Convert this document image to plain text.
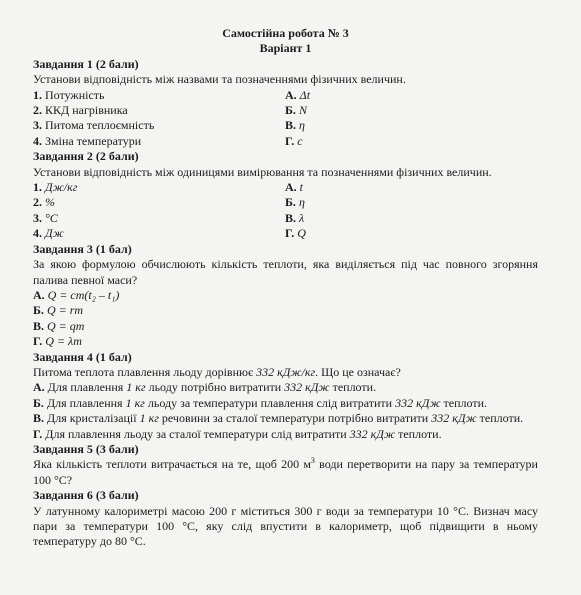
Самостійна робота № 3
Варіант 1
Завдання 1 (2 бали)
Установи відповідність між назвами та позначеннями фізичних величин.
1. Потужність	А. Δt
2. ККД нагрівника	Б. N
3. Питома теплоємність	В. η
4. Зміна температури	Г. c
Завдання 2 (2 бали)
Установи відповідність між одиницями вимірювання та позначеннями фізичних величин.
1. Дж/кг	А. t
2. %	Б. η
3. °C	В. λ
4. Дж	Г. Q
Завдання 3 (1 бал)
За якою формулою обчислюють кількість теплоти, яка виділяється під час повного згоряння палива певної маси?
А. Q = cm(t₂ – t₁)
Б. Q = rm
В. Q = qm
Г. Q = λm
Завдання 4 (1 бал)
Питома теплота плавлення льоду дорівнює 332 кДж/кг. Що це означає?
А. Для плавлення 1 кг льоду потрібно витратити 332 кДж теплоти.
Б. Для плавлення 1 кг льоду за температури плавлення слід витратити 332 кДж теплоти.
В. Для кристалізації 1 кг речовини за сталої температури потрібно витратити 332 кДж теплоти.
Г. Для плавлення льоду за сталої температури слід витратити 332 кДж теплоти.
Завдання 5 (3 бали)
Яка кількість теплоти витрачається на те, щоб 200 $м^3$ води перетворити на пару за температури 100 °C?
Завдання 6 (3 бали)
У латунному калориметрі масою 200 г міститься 300 г води за температури 10 °C. Визнач масу пари за температури 100 °C, яку слід впустити в калориметр, щоб підвищити в ньому температуру до 80 °C.
